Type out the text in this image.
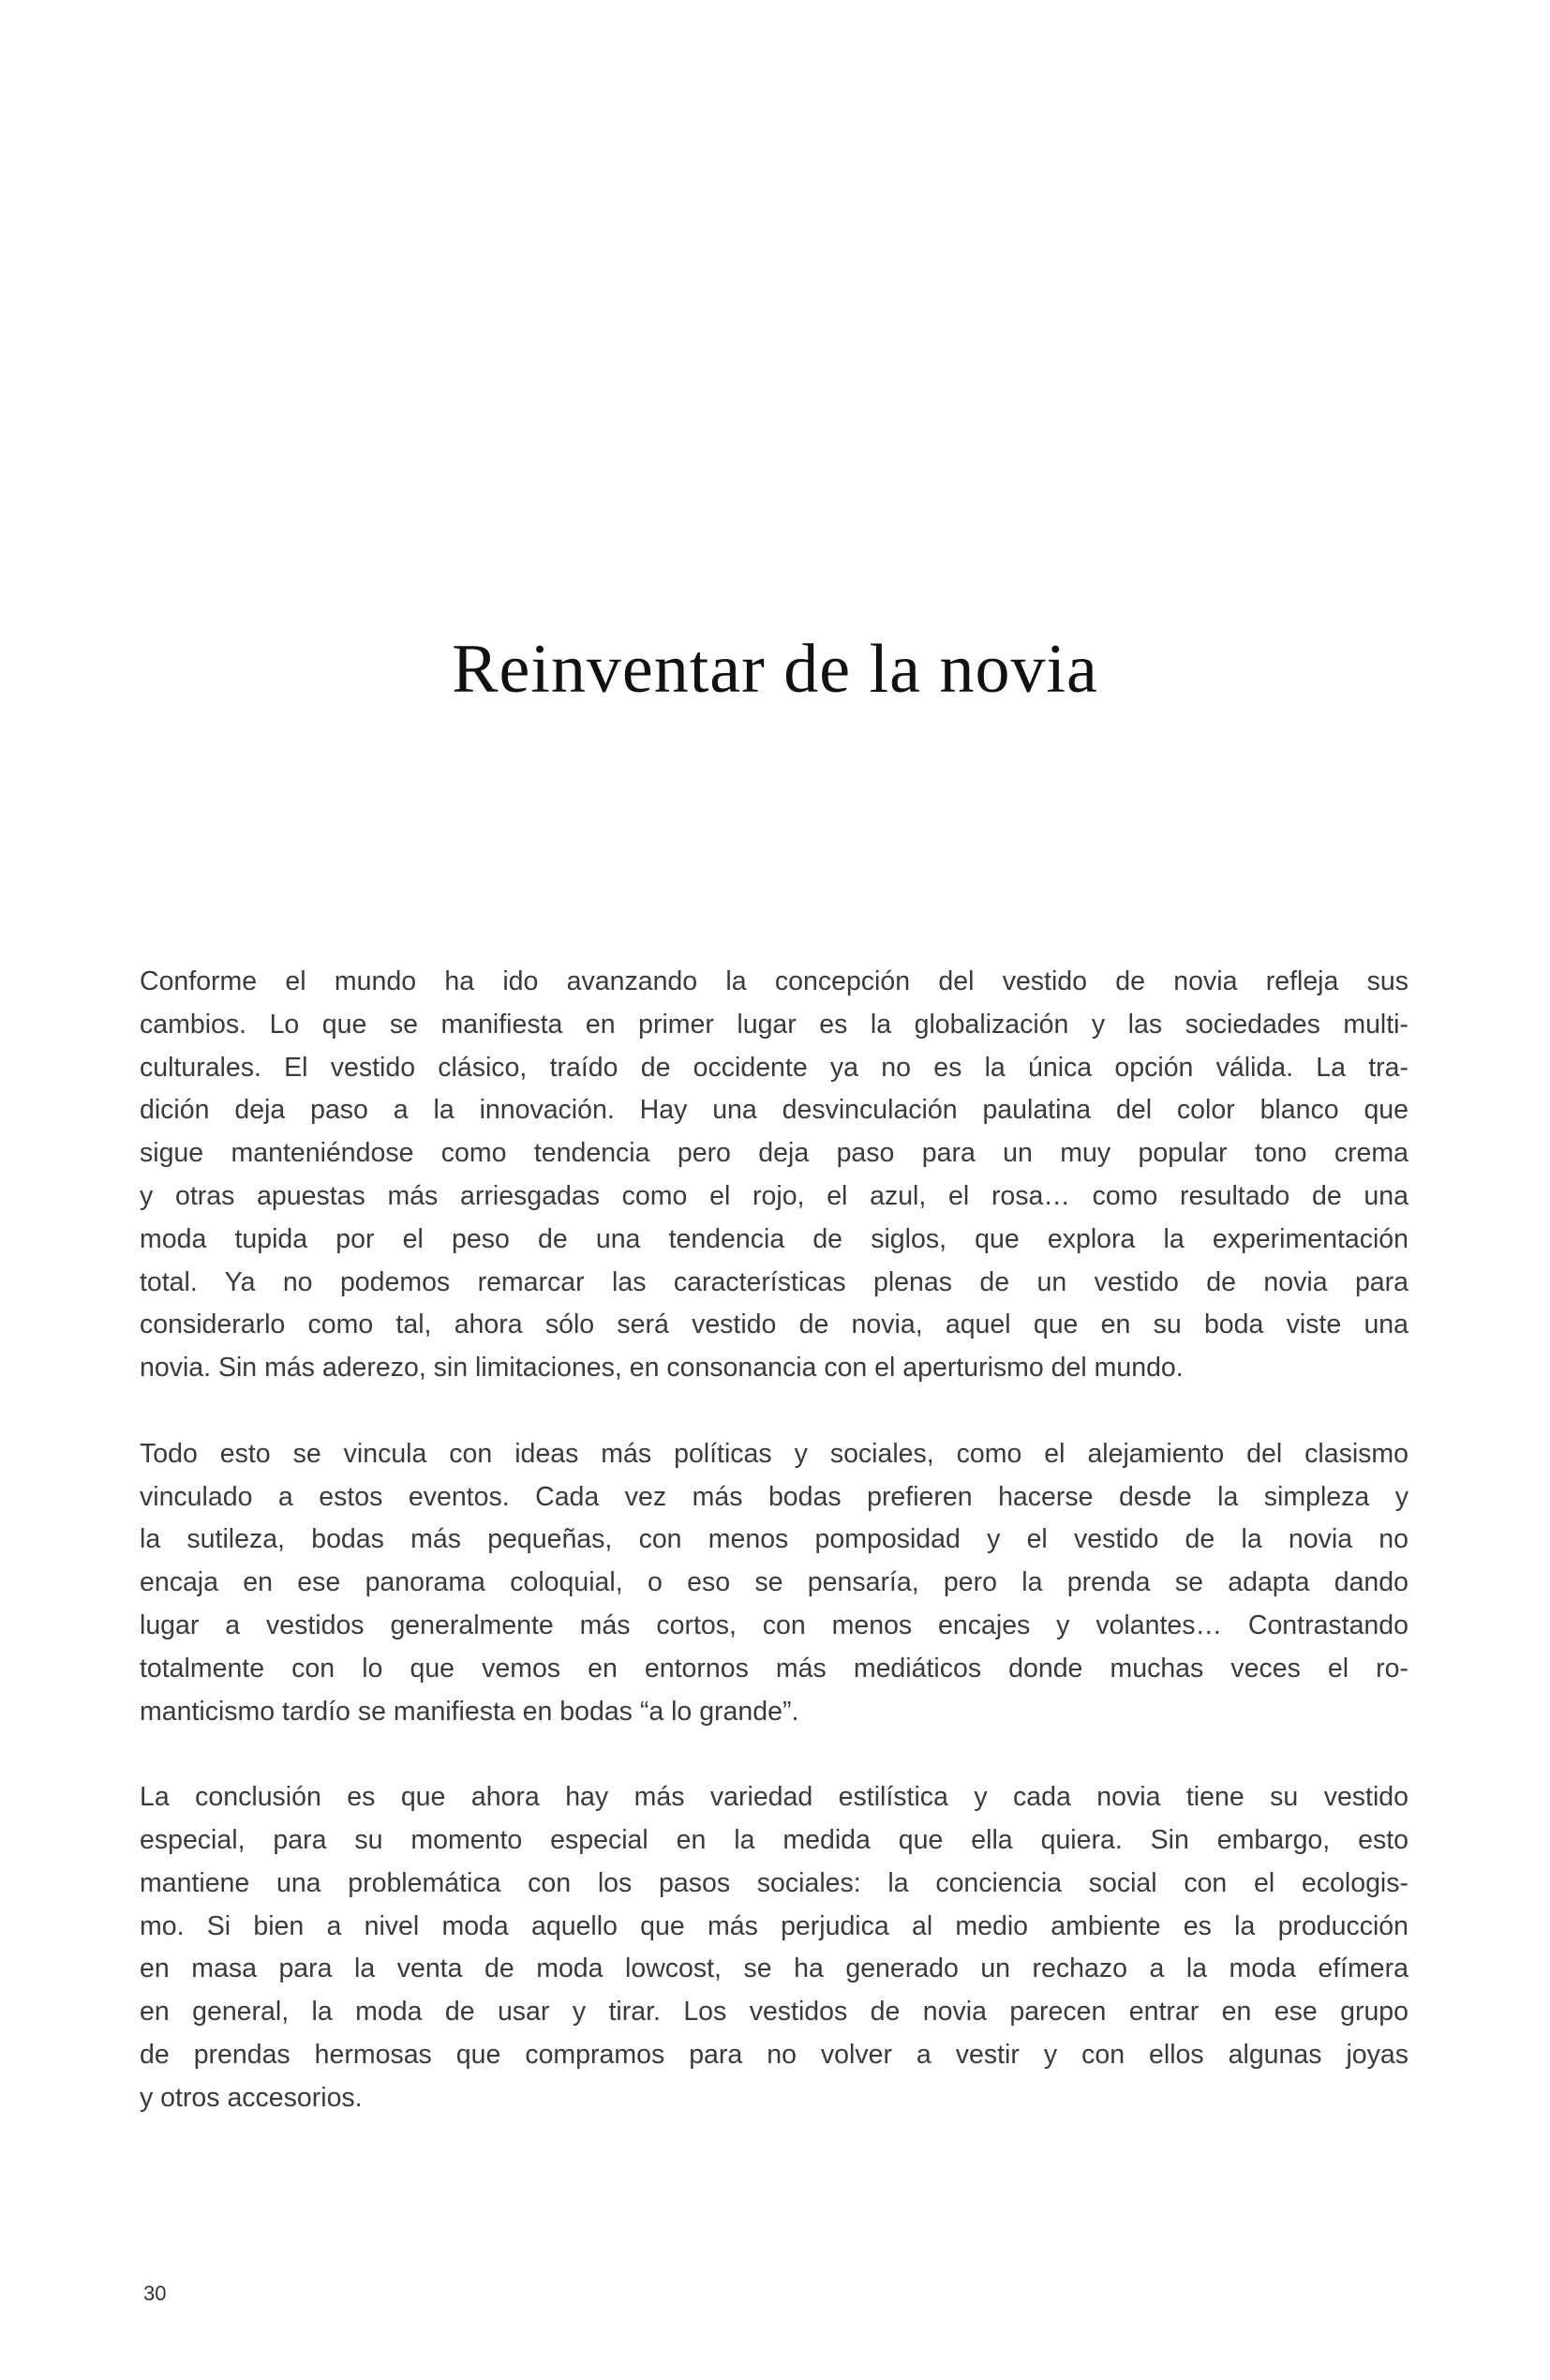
Reinventar de la novia

Conforme el mundo ha ido avanzando la concepción del vestido de novia refleja sus
cambios. Lo que se manifiesta en primer lugar es la globalización y las sociedades multi-
culturales. El vestido clásico, traído de occidente ya no es la única opción válida. La tra-
dición deja paso a la innovación. Hay una desvinculación paulatina del color blanco que
sigue manteniéndose como tendencia pero deja paso para un muy popular tono crema
y otras apuestas más arriesgadas como el rojo, el azul, el rosa… como resultado de una
moda tupida por el peso de una tendencia de siglos, que explora la experimentación
total. Ya no podemos remarcar las características plenas de un vestido de novia para
considerarlo como tal, ahora sólo será vestido de novia, aquel que en su boda viste una
novia. Sin más aderezo, sin limitaciones, en consonancia con el aperturismo del mundo.

Todo esto se vincula con ideas más políticas y sociales, como el alejamiento del clasismo
vinculado a estos eventos. Cada vez más bodas prefieren hacerse desde la simpleza y
la sutileza, bodas más pequeñas, con menos pomposidad y el vestido de la novia no
encaja en ese panorama coloquial, o eso se pensaría, pero la prenda se adapta dando
lugar a vestidos generalmente más cortos, con menos encajes y volantes… Contrastando
totalmente con lo que vemos en entornos más mediáticos donde muchas veces el ro-
manticismo tardío se manifiesta en bodas “a lo grande”.

La conclusión es que ahora hay más variedad estilística y cada novia tiene su vestido
especial, para su momento especial en la medida que ella quiera. Sin embargo, esto
mantiene una problemática con los pasos sociales: la conciencia social con el ecologis-
mo. Si bien a nivel moda aquello que más perjudica al medio ambiente es la producción
en masa para la venta de moda lowcost, se ha generado un rechazo a la moda efímera
en general, la moda de usar y tirar. Los vestidos de novia parecen entrar en ese grupo
de prendas hermosas que compramos para no volver a vestir y con ellos algunas joyas
y otros accesorios.

30
